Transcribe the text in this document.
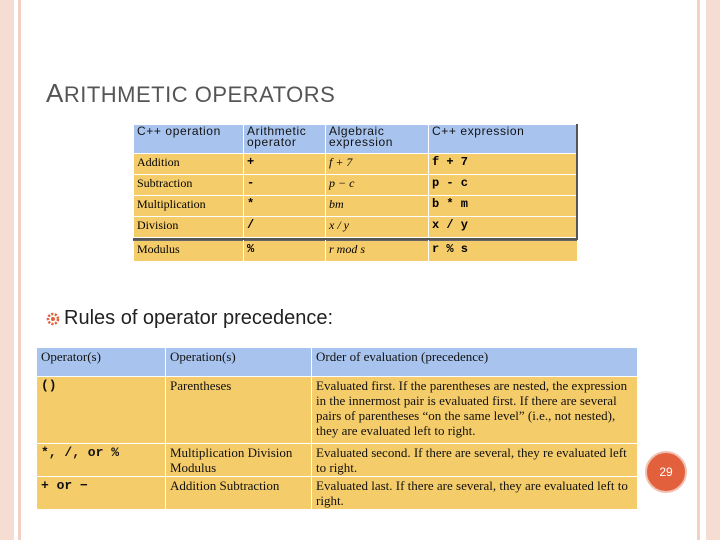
ARITHMETIC OPERATORS
C++ operation	Arithmetic operator	Algebraic expression	C++ expression
Addition	+	f + 7	f + 7
Subtraction	-	p − c	p - c
Multiplication	*	bm	b * m
Division	/	x / y	x / y

Modulus	%	r mod s	r % s
Rules of operator precedence:
Operator(s)	Operation(s)	Order of evaluation (precedence)
()	Parentheses	Evaluated first. If the parentheses are nested, the expression in the innermost pair is evaluated first. If there are several pairs of parentheses “on the same level” (i.e., not nested), they are evaluated left to right.
*, /, or %	Multiplication Division Modulus	Evaluated second. If there are several, they re evaluated left to right.
+ or −	Addition Subtraction	Evaluated last. If there are several, they are evaluated left to right.
29
